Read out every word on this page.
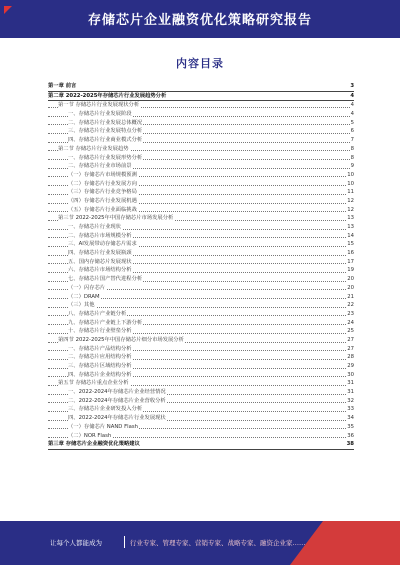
存储芯片企业融资优化策略研究报告
内容目录
第一章 前言	3
第二章 2022-2025年存储芯片行业发展趋势分析	4
第一节 存储芯片行业发展现状分析	4
一、存储芯片行业发展阶段	4
二、存储芯片行业发展总体概况	5
三、存储芯片行业发展特点分析	6
四、存储芯片行业商业模式分析	7
第二节 存储芯片行业发展趋势	8
一、存储芯片行业发展形势分析	8
二、存储芯片行业市场前景	9
（一）存储芯片市场规模预测	10
（二）存储芯片行业发展方向	10
（三）存储芯片行业竞争格局	11
（四）存储芯片行业发展机遇	12
（五）存储芯片行业面临挑战	12
第三节 2022-2025年中国存储芯片市场发展分析	13
一、存储芯片行业现状	13
二、存储芯片市场规模分析	14
三、AI发展带动存储芯片需求	15
四、存储芯片行业发展瓶颈	16
五、国内存储芯片发展现状	17
六、存储芯片市场结构分析	19
七、存储芯片国产替代进程分析	20
（一）闪存芯片	20
（二）DRAM	21
（三）其他	22
八、存储芯片产业链分析	23
九、存储芯片产业链上下游分析	24
十、存储芯片行业壁垒分析	25
第四节 2022-2025年中国存储芯片细分市场发展分析	27
一、存储芯片产品结构分析	27
二、存储芯片应用结构分析	28
三、存储芯片区域结构分析	29
四、存储芯片企业结构分析	30
第五节 存储芯片重点企业分析	31
一、2022-2024年存储芯片企业经营情况	31
二、2022-2024年存储芯片企业营收分析	32
三、存储芯片企业研发投入分析	33
四、2022-2024年存储芯片行业发展现状	34
（一）存储芯片 NAND Flash	35
（二）NOR Flash	36
第三章 存储芯片企业融资优化策略建议	38
让每个人都能成为	行业专家、管理专家、营销专家、战略专家、融资企业家……
